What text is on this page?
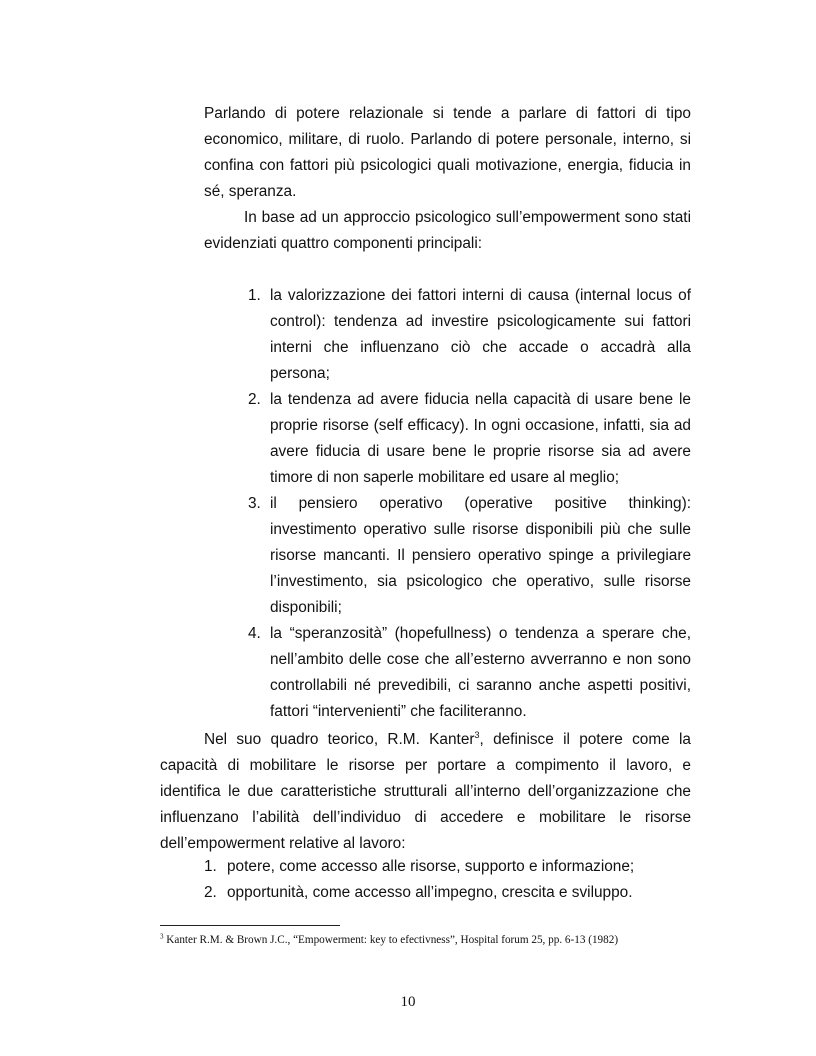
Parlando di potere relazionale si tende a parlare di fattori di tipo economico, militare, di ruolo. Parlando di potere personale, interno, si confina con fattori più psicologici quali motivazione, energia, fiducia in sé, speranza.

In base ad un approccio psicologico sull’empowerment sono stati evidenziati quattro componenti principali:

1. la valorizzazione dei fattori interni di causa (internal locus of control): tendenza ad investire psicologicamente sui fattori interni che influenzano ciò che accade o accadrà alla persona;
2. la tendenza ad avere fiducia nella capacità di usare bene le proprie risorse (self efficacy). In ogni occasione, infatti, sia ad avere fiducia di usare bene le proprie risorse sia ad avere timore di non saperle mobilitare ed usare al meglio;
3. il pensiero operativo (operative positive thinking): investimento operativo sulle risorse disponibili più che sulle risorse mancanti. Il pensiero operativo spinge a privilegiare l’investimento, sia psicologico che operativo, sulle risorse disponibili;
4. la “speranzosità” (hopefullness) o tendenza a sperare che, nell’ambito delle cose che all’esterno avverranno e non sono controllabili né prevedibili, ci saranno anche aspetti positivi, fattori “intervenienti” che faciliteranno.

Nel suo quadro teorico, R.M. Kanter$^3$, definisce il potere come la capacità di mobilitare le risorse per portare a compimento il lavoro, e identifica le due caratteristiche strutturali all’interno dell’organizzazione che influenzano l’abilità dell’individuo di accedere e mobilitare le risorse dell’empowerment relative al lavoro:

1. potere, come accesso alle risorse, supporto e informazione;
2. opportunità, come accesso all’impegno, crescita e sviluppo.
$^3$ Kanter R.M. & Brown J.C., “Empowerment: key to efectivness”, Hospital forum 25, pp. 6-13 (1982)
10
